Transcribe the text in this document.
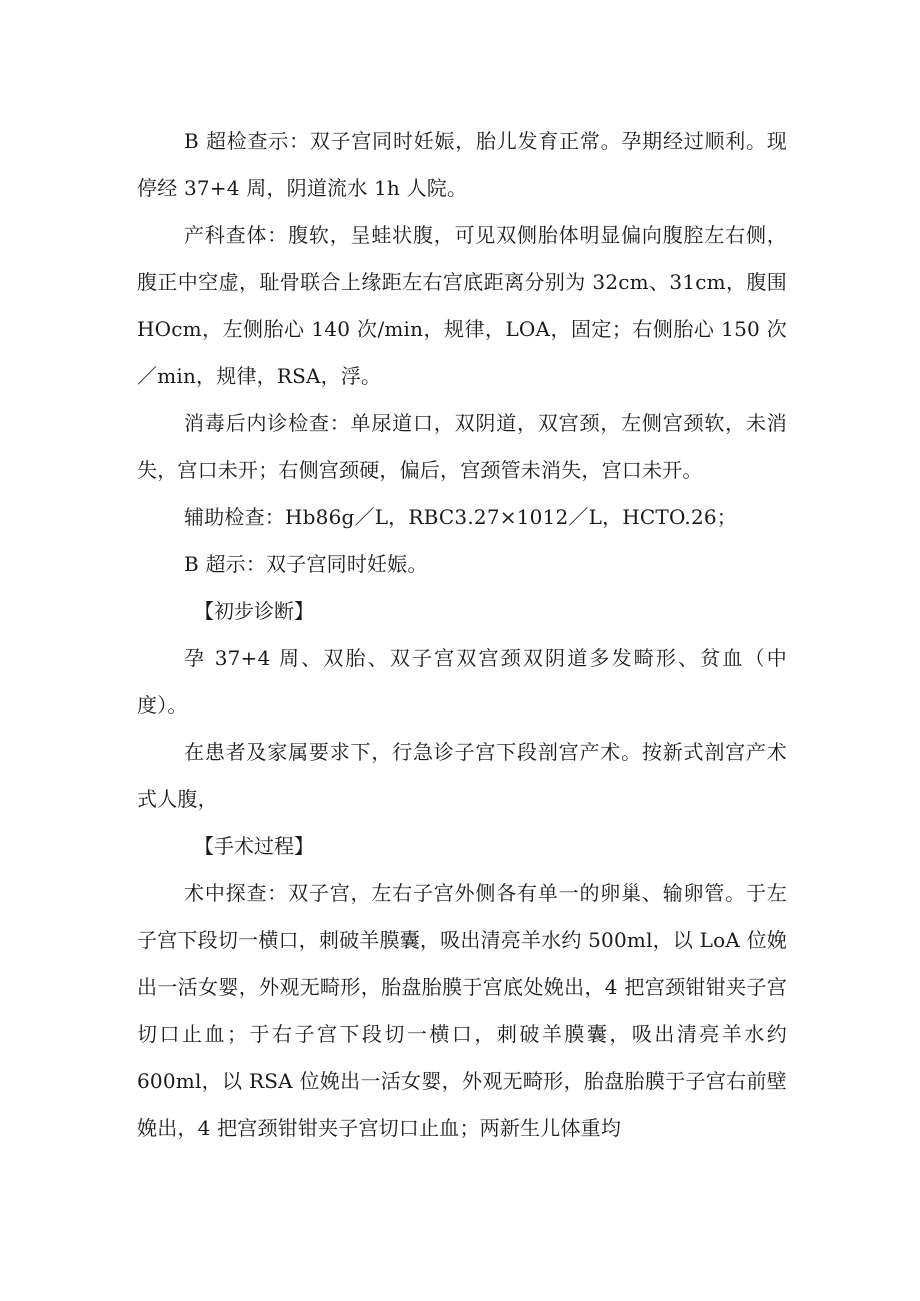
B 超检查示：双子宫同时妊娠，胎儿发育正常。孕期经过顺利。现停经 37+4 周，阴道流水 1h 人院。

产科查体：腹软，呈蛙状腹，可见双侧胎体明显偏向腹腔左右侧，腹正中空虚，耻骨联合上缘距左右宫底距离分别为 32cm、31cm，腹围 HOcm，左侧胎心 140 次/min，规律，LOA，固定；右侧胎心 150 次／min，规律，RSA，浮。

消毒后内诊检查：单尿道口，双阴道，双宫颈，左侧宫颈软，未消失，宫口未开；右侧宫颈硬，偏后，宫颈管未消失，宫口未开。

辅助检查：Hb86g／L，RBC3.27×1012／L，HCTO.26；

B 超示：双子宫同时妊娠。

【初步诊断】

孕 37+4 周、双胎、双子宫双宫颈双阴道多发畸形、贫血（中度）。

在患者及家属要求下，行急诊子宫下段剖宫产术。按新式剖宫产术式人腹，

【手术过程】

术中探查：双子宫，左右子宫外侧各有单一的卵巢、输卵管。于左子宫下段切一横口，刺破羊膜囊，吸出清亮羊水约 500ml，以 LoA 位娩出一活女婴，外观无畸形，胎盘胎膜于宫底处娩出，4 把宫颈钳钳夹子宫切口止血；于右子宫下段切一横口，刺破羊膜囊，吸出清亮羊水约 600ml，以 RSA 位娩出一活女婴，外观无畸形，胎盘胎膜于子宫右前壁娩出，4 把宫颈钳钳夹子宫切口止血；两新生儿体重均
